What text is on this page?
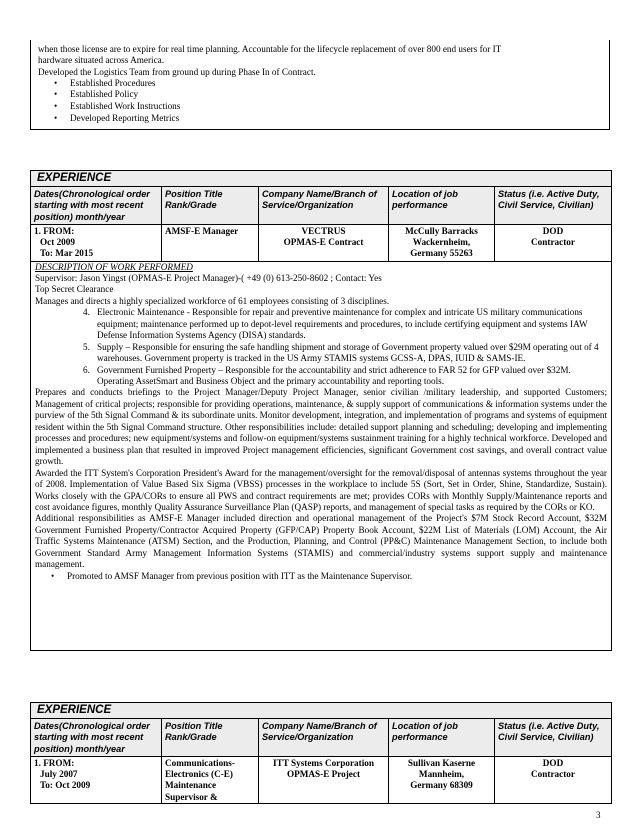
when those license are to expire for real time planning. Accountable for the lifecycle replacement of over 800 end users for IT
hardware situated across America.
Developed the Logistics Team from ground up during Phase In of Contract.
• Established Procedures
• Established Policy
• Established Work Instructions
• Developed Reporting Metrics
EXPERIENCE
Dates(Chronological order starting with most recent position) month/year
Position Title Rank/Grade
Company Name/Branch of Service/Organization
Location of job performance
Status (i.e. Active Duty, Civil Service, Civilian)
1. FROM:
Oct 2009
To: Mar 2015
AMSF-E Manager	VECTRUS
OPMAS-E Contract
McCully Barracks
Wackernheim,
Germany 55263
DOD
Contractor

DESCRIPTION OF WORK PERFORMED

Supervisor: Jason Yingst (OPMAS-E Project Manager)-( +49 (0) 613-250-8602 ; Contact: Yes

Top Secret Clearance

Manages and directs a highly specialized workforce of 61 employees consisting of 3 disciplines.

4. Electronic Maintenance - Responsible for repair and preventive maintenance for complex and intricate US military communications equipment; maintenance performed up to depot-level requirements and procedures, to include certifying equipment and systems IAW Defense Information Systems Agency (DISA) standards.

5. Supply – Responsible for ensuring the safe handling shipment and storage of Government property valued over $29M operating out of 4 warehouses. Government property is tracked in the US Army STAMIS systems GCSS-A, DPAS, IUID & SAMS-IE.

6. Government Furnished Property – Responsible for the accountability and strict adherence to FAR 52 for GFP valued over $32M. Operating AssetSmart and Business Object and the primary accountability and reporting tools.

Prepares and conducts briefings to the Project Manager/Deputy Project Manager, senior civilian /military leadership, and supported Customers; Management of critical projects; responsible for providing operations, maintenance, & supply support of communications & information systems under the purview of the 5th Signal Command & its subordinate units. Monitor development, integration, and implementation of programs and systems of equipment resident within the 5th Signal Command structure. Other responsibilities include: detailed support planning and scheduling; developing and implementing processes and procedures; new equipment/systems and follow-on equipment/systems sustainment training for a highly technical workforce. Developed and implemented a business plan that resulted in improved Project management efficiencies, significant Government cost savings, and overall contract value growth.

Awarded the ITT System's Corporation President's Award for the management/oversight for the removal/disposal of antennas systems throughout the year of 2008. Implementation of Value Based Six Sigma (VBSS) processes in the workplace to include 5S (Sort, Set in Order, Shine, Standardize, Sustain). Works closely with the GPA/CORs to ensure all PWS and contract requirements are met; provides CORs with Monthly Supply/Maintenance reports and cost avoidance figures, monthly Quality Assurance Surveillance Plan (QASP) reports, and management of special tasks as required by the CORs or KO.

Additional responsibilities as AMSF-E Manager included direction and operational management of the Project's $7M Stock Record Account, $32M Government Furnished Property/Contractor Acquired Property (GFP/CAP) Property Book Account, $22M List of Materials (LOM) Account, the Air Traffic Systems Maintenance (ATSM) Section, and the Production, Planning, and Control (PP&C) Maintenance Management Section, to include both Government Standard Army Management Information Systems (STAMIS) and commercial/industry systems support supply and maintenance management.

• Promoted to AMSF Manager from previous position with ITT as the Maintenance Supervisor.
EXPERIENCE
Dates(Chronological order starting with most recent position) month/year
Position Title Rank/Grade
Company Name/Branch of Service/Organization
Location of job performance
Status (i.e. Active Duty, Civil Service, Civilian)
1. FROM:
July 2007
To: Oct 2009
Communications-
Electronics (C-E)
Maintenance
Supervisor &
ITT Systems Corporation
OPMAS-E Project
Sullivan Kaserne
Mannheim,
Germany 68309
DOD
Contractor
3
